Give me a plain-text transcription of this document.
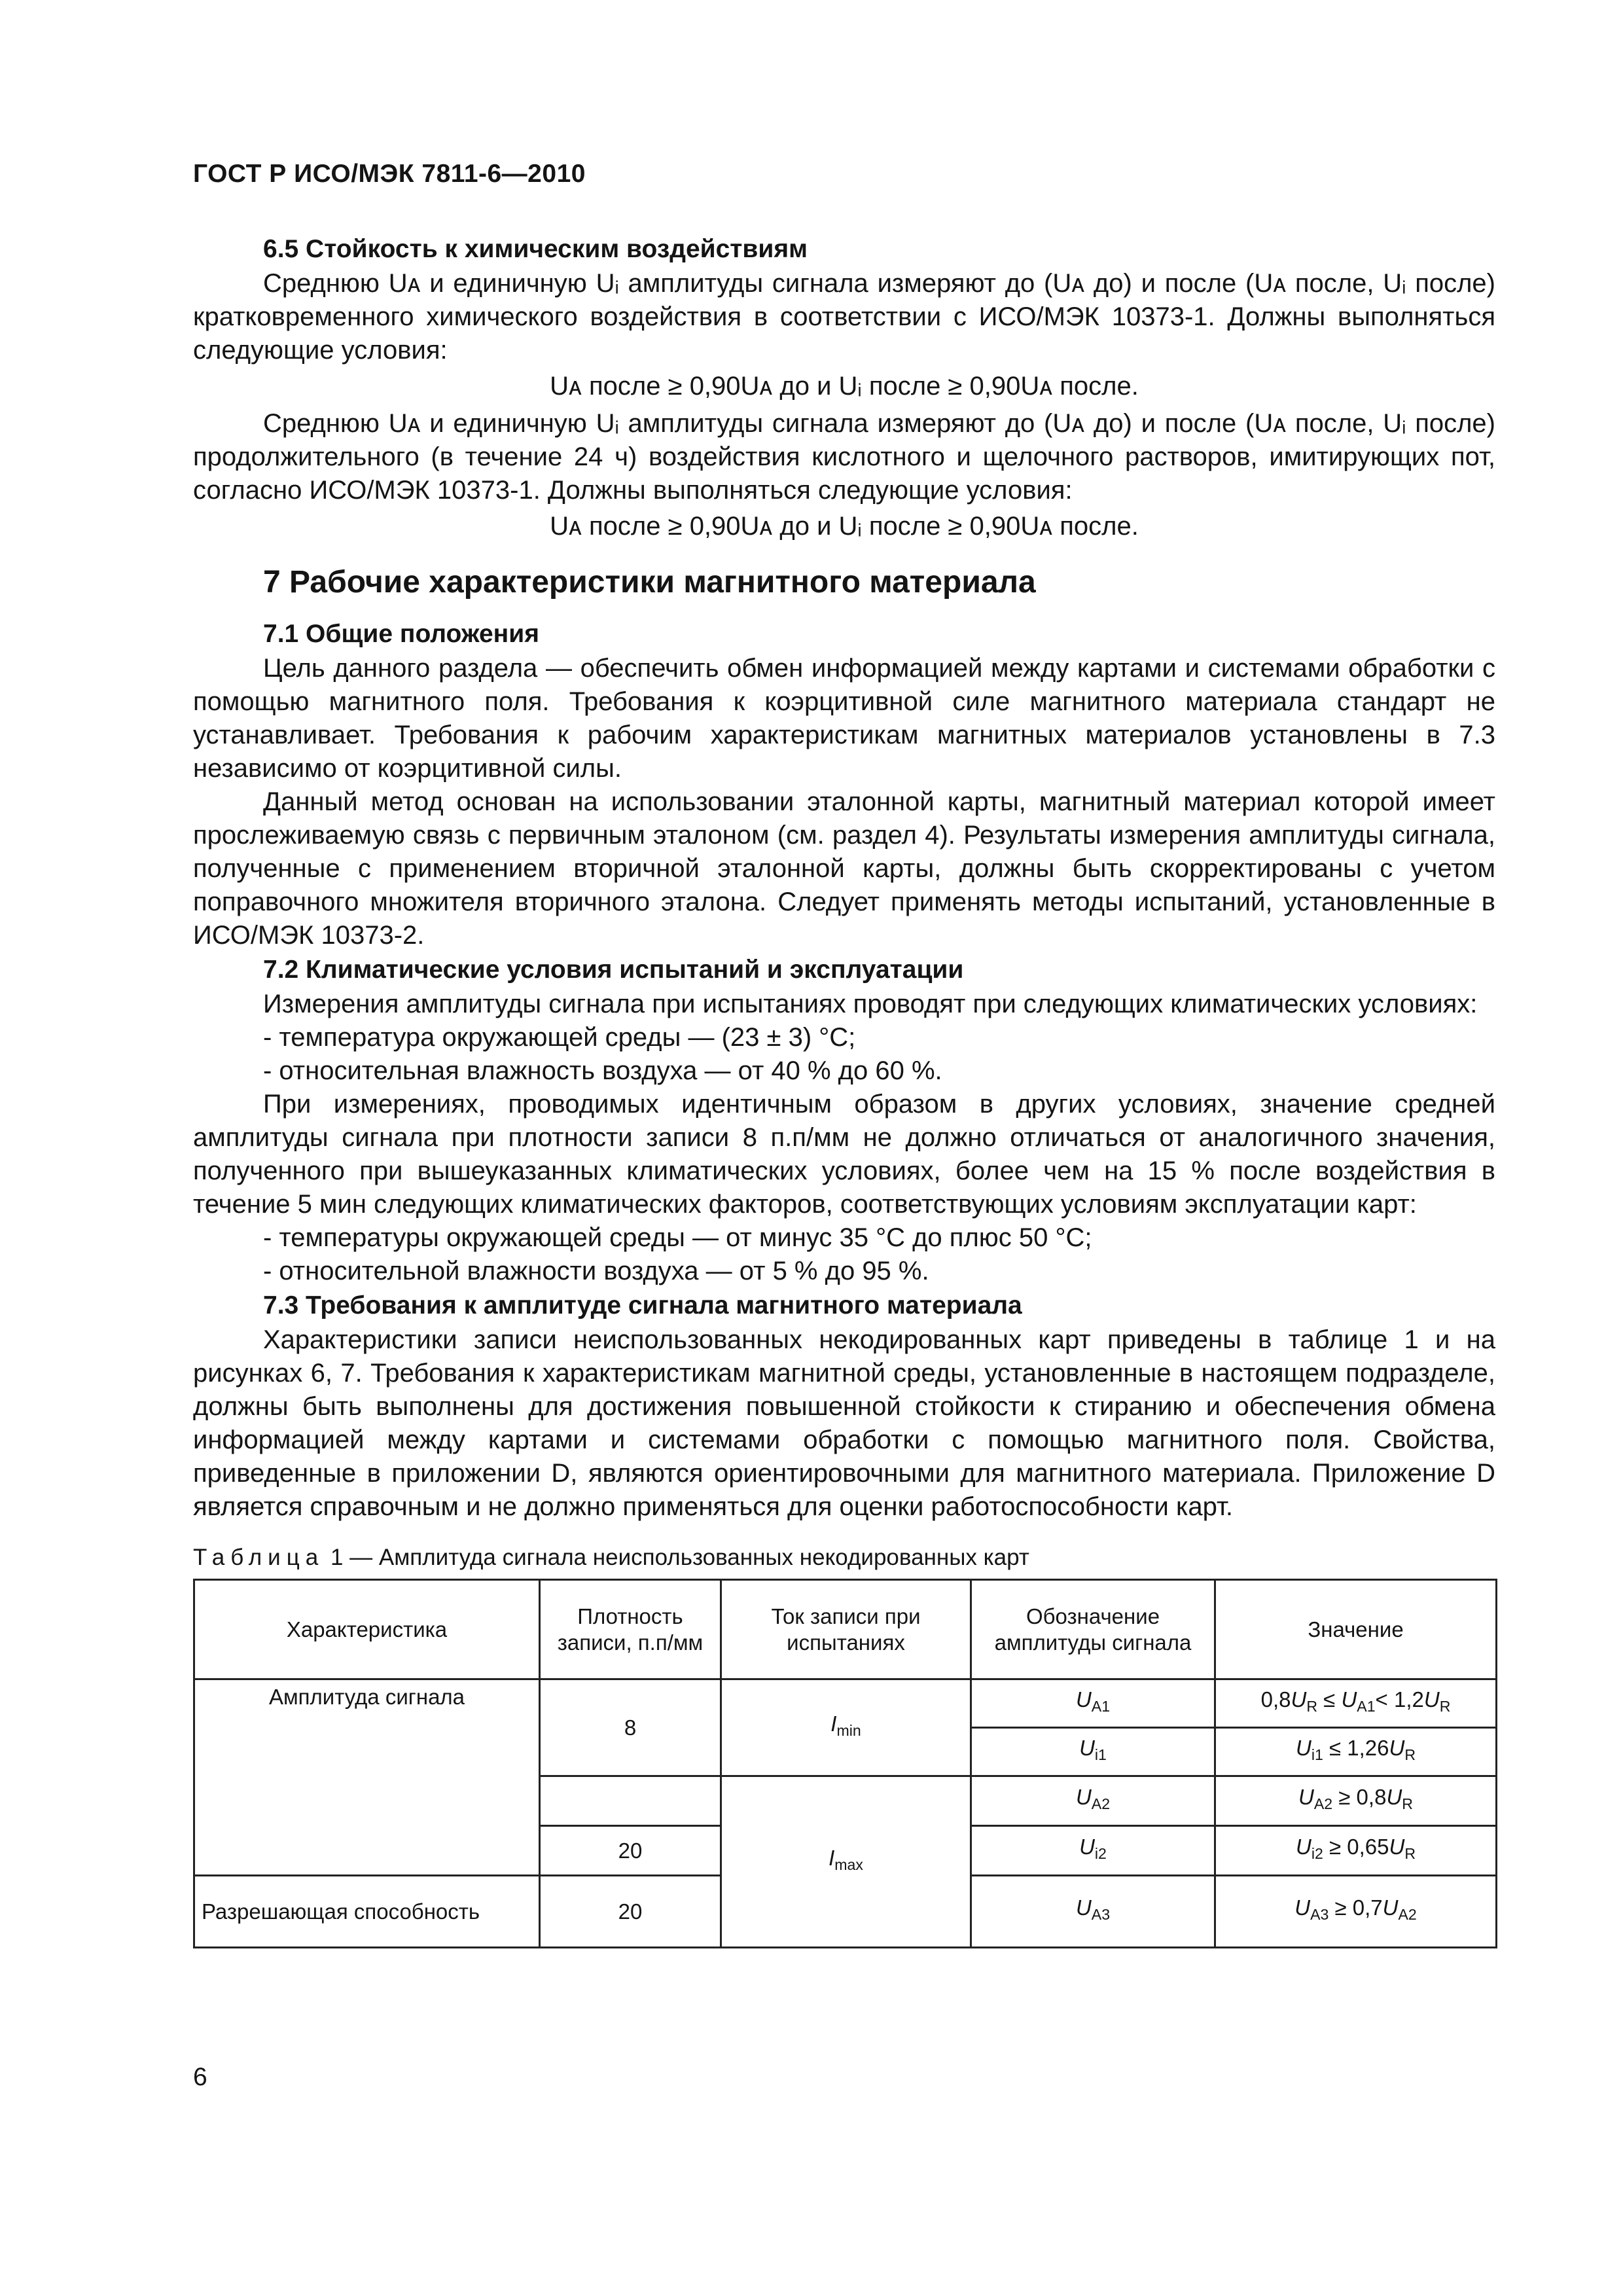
ГОСТ Р ИСО/МЭК 7811-6—2010
6.5 Стойкость к химическим воздействиям

Среднюю Uᴀ и единичную Uᵢ амплитуды сигнала измеряют до (Uᴀ до) и после (Uᴀ после, Uᵢ после) кратковременного химического воздействия в соответствии с ИСО/МЭК 10373-1. Должны выполняться следующие условия:

Uᴀ после ≥ 0,90Uᴀ до и Uᵢ после ≥ 0,90Uᴀ после.

Среднюю Uᴀ и единичную Uᵢ амплитуды сигнала измеряют до (Uᴀ до) и после (Uᴀ после, Uᵢ после) продолжительного (в течение 24 ч) воздействия кислотного и щелочного растворов, имитирующих пот, согласно ИСО/МЭК 10373-1. Должны выполняться следующие условия:

Uᴀ после ≥ 0,90Uᴀ до и Uᵢ после ≥ 0,90Uᴀ после.
7 Рабочие характеристики магнитного материала
7.1 Общие положения

Цель данного раздела — обеспечить обмен информацией между картами и системами обработки с помощью магнитного поля. Требования к коэрцитивной силе магнитного материала стандарт не устанавливает. Требования к рабочим характеристикам магнитных материалов установлены в 7.3 независимо от коэрцитивной силы.

Данный метод основан на использовании эталонной карты, магнитный материал которой имеет прослеживаемую связь с первичным эталоном (см. раздел 4). Результаты измерения амплитуды сигнала, полученные с применением вторичной эталонной карты, должны быть скорректированы с учетом поправочного множителя вторичного эталона. Следует применять методы испытаний, установленные в ИСО/МЭК 10373-2.

7.2 Климатические условия испытаний и эксплуатации

Измерения амплитуды сигнала при испытаниях проводят при следующих климатических условиях:

- температура окружающей среды — (23 ± 3) °С;
- относительная влажность воздуха — от 40 % до 60 %.

При измерениях, проводимых идентичным образом в других условиях, значение средней амплитуды сигнала при плотности записи 8 п.п/мм не должно отличаться от аналогичного значения, полученного при вышеуказанных климатических условиях, более чем на 15 % после воздействия в течение 5 мин следующих климатических факторов, соответствующих условиям эксплуатации карт:

- температуры окружающей среды — от минус 35 °С до плюс 50 °С;
- относительной влажности воздуха — от 5 % до 95 %.
7.3 Требования к амплитуде сигнала магнитного материала

Характеристики записи неиспользованных некодированных карт приведены в таблице 1 и на рисунках 6, 7. Требования к характеристикам магнитной среды, установленные в настоящем подразделе, должны быть выполнены для достижения повышенной стойкости к стиранию и обеспечения обмена информацией между картами и системами обработки с помощью магнитного поля. Свойства, приведенные в приложении D, являются ориентировочными для магнитного материала. Приложение D является справочным и не должно применяться для оценки работоспособности карт.

Таблица 1 — Амплитуда сигнала неиспользованных некодированных карт
Характеристика	Плотность записи, п.п/мм	Ток записи при испытаниях	Обозначение амплитуды сигнала	Значение
Амплитуда сигнала	8	$I_{min}$	$U_{A1}$	$0,8U_R \le U_{A1}< 1,2U_R$
			$U_{i1}$	$U_{i1} \le 1,26U_R$
		$I_{max}$	$U_{A2}$	$U_{A2} \ge 0,8U_R$
	20		$U_{i2}$	$U_{i2} \ge 0,65U_R$
Разрешающая способность	20		$U_{A3}$	$U_{A3} \ge 0,7U_{A2}$
6
